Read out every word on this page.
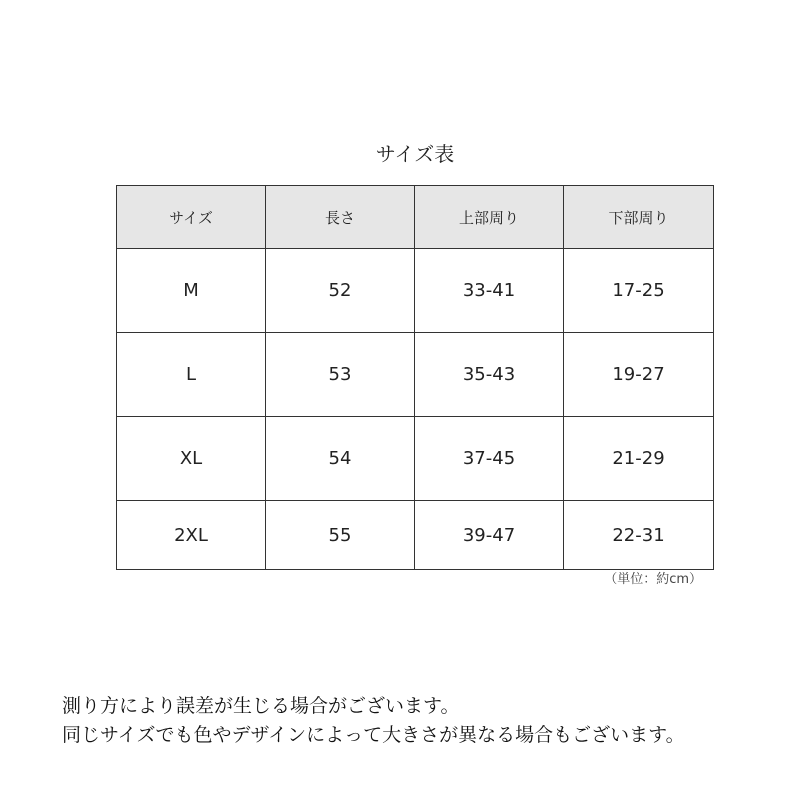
サイズ表
サイズ	長さ	上部周り	下部周り
M	52	33-41	17-25
L	53	35-43	19-27
XL	54	37-45	21-29
2XL	55	39-47	22-31
（単位：約cm）

測り方により誤差が生じる場合がございます。

同じサイズでも色やデザインによって大きさが異なる場合もございます。
